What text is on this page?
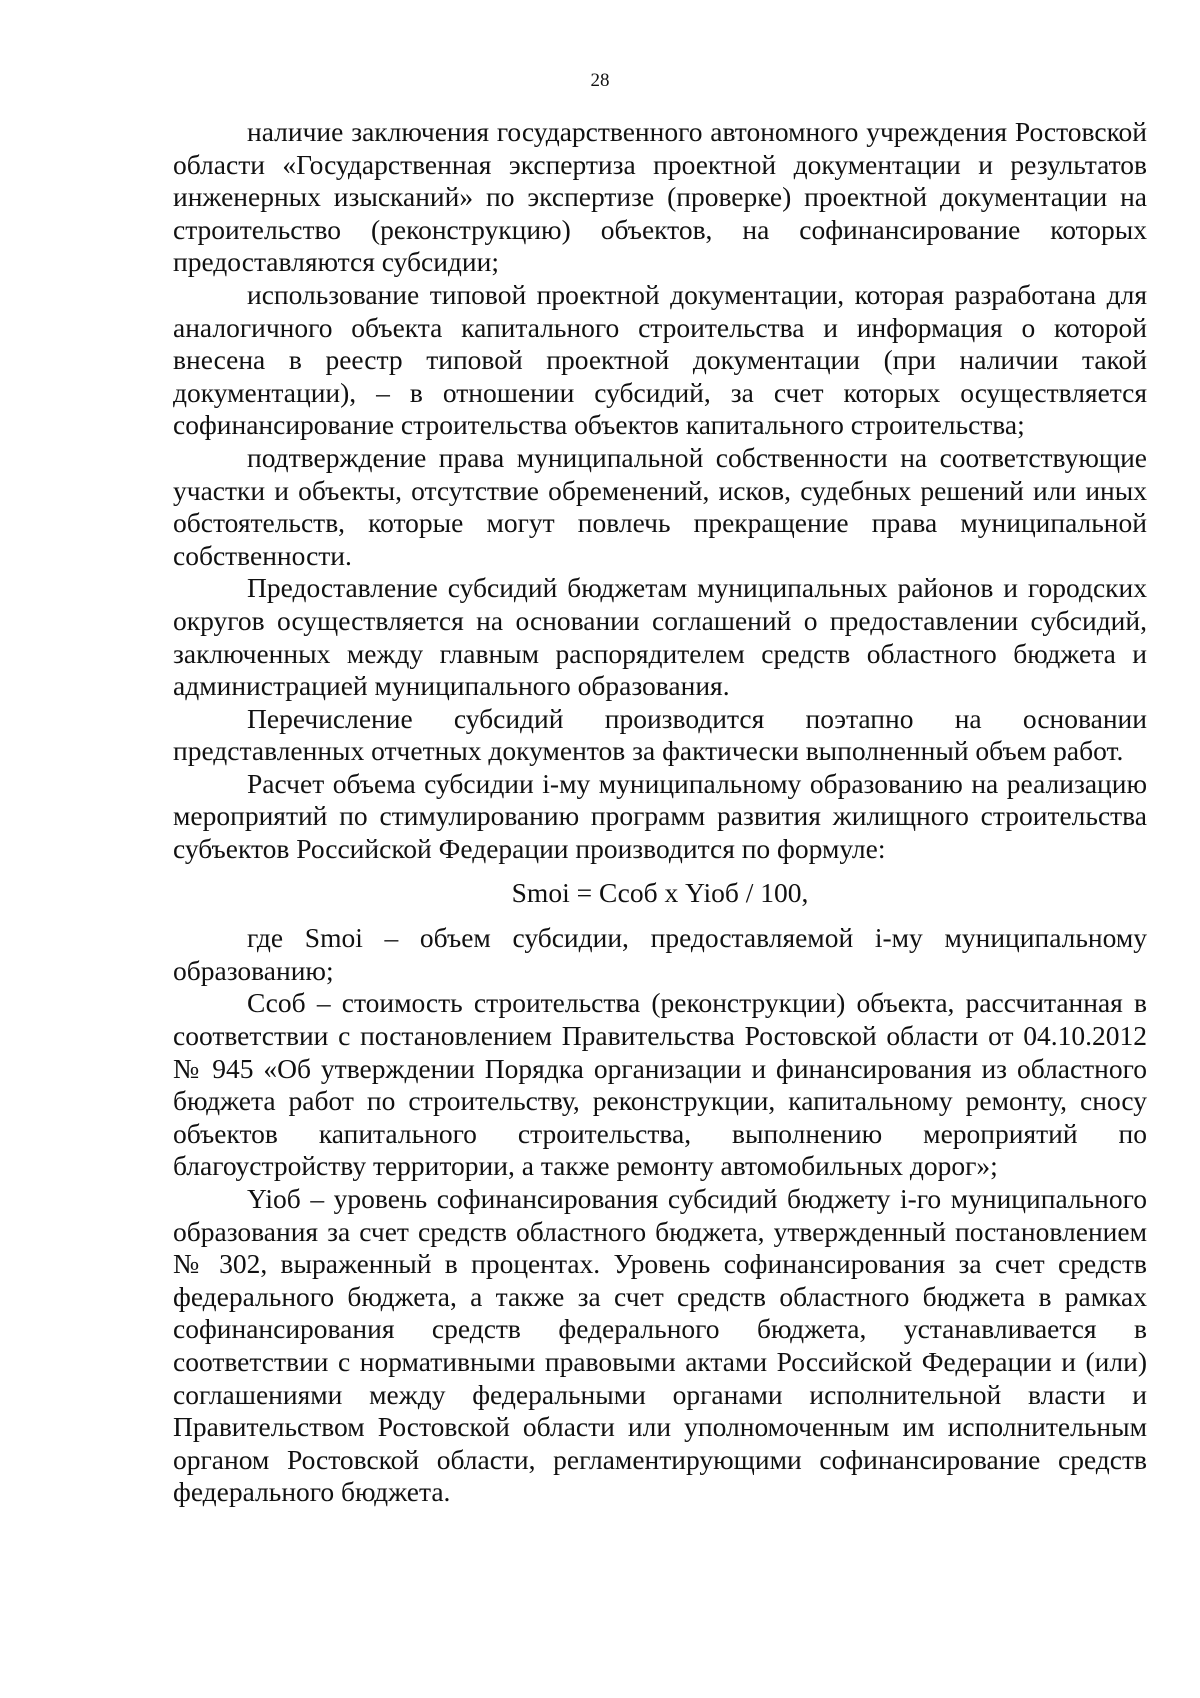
28

наличие заключения государственного автономного учреждения Ростовской области «Государственная экспертиза проектной документации и результатов инженерных изысканий» по экспертизе (проверке) проектной документации на строительство (реконструкцию) объектов, на софинансирование которых предоставляются субсидии;

использование типовой проектной документации, которая разработана для аналогичного объекта капитального строительства и информация о которой внесена в реестр типовой проектной документации (при наличии такой документации), – в отношении субсидий, за счет которых осуществляется софинансирование строительства объектов капитального строительства;

подтверждение права муниципальной собственности на соответствующие участки и объекты, отсутствие обременений, исков, судебных решений или иных обстоятельств, которые могут повлечь прекращение права муниципальной собственности.

Предоставление субсидий бюджетам муниципальных районов и городских округов осуществляется на основании соглашений о предоставлении субсидий, заключенных между главным распорядителем средств областного бюджета и администрацией муниципального образования.

Перечисление субсидий производится поэтапно на основании представленных отчетных документов за фактически выполненный объем работ.

Расчет объема субсидии i-му муниципальному образованию на реализацию мероприятий по стимулированию программ развития жилищного строительства субъектов Российской Федерации производится по формуле:

Smoi = Ссоб х Yioб / 100,

где Smoi – объем субсидии, предоставляемой i-му муниципальному образованию;

Ссоб – стоимость строительства (реконструкции) объекта, рассчитанная в соответствии с постановлением Правительства Ростовской области от 04.10.2012 № 945 «Об утверждении Порядка организации и финансирования из областного бюджета работ по строительству, реконструкции, капитальному ремонту, сносу объектов капитального строительства, выполнению мероприятий по благоустройству территории, а также ремонту автомобильных дорог»;

Yioб – уровень софинансирования субсидий бюджету i-го муниципального образования за счет средств областного бюджета, утвержденный постановлением № 302, выраженный в процентах. Уровень софинансирования за счет средств федерального бюджета, а также за счет средств областного бюджета в рамках софинансирования средств федерального бюджета, устанавливается в соответствии с нормативными правовыми актами Российской Федерации и (или) соглашениями между федеральными органами исполнительной власти и Правительством Ростовской области или уполномоченным им исполнительным органом Ростовской области, регламентирующими софинансирование средств федерального бюджета.
